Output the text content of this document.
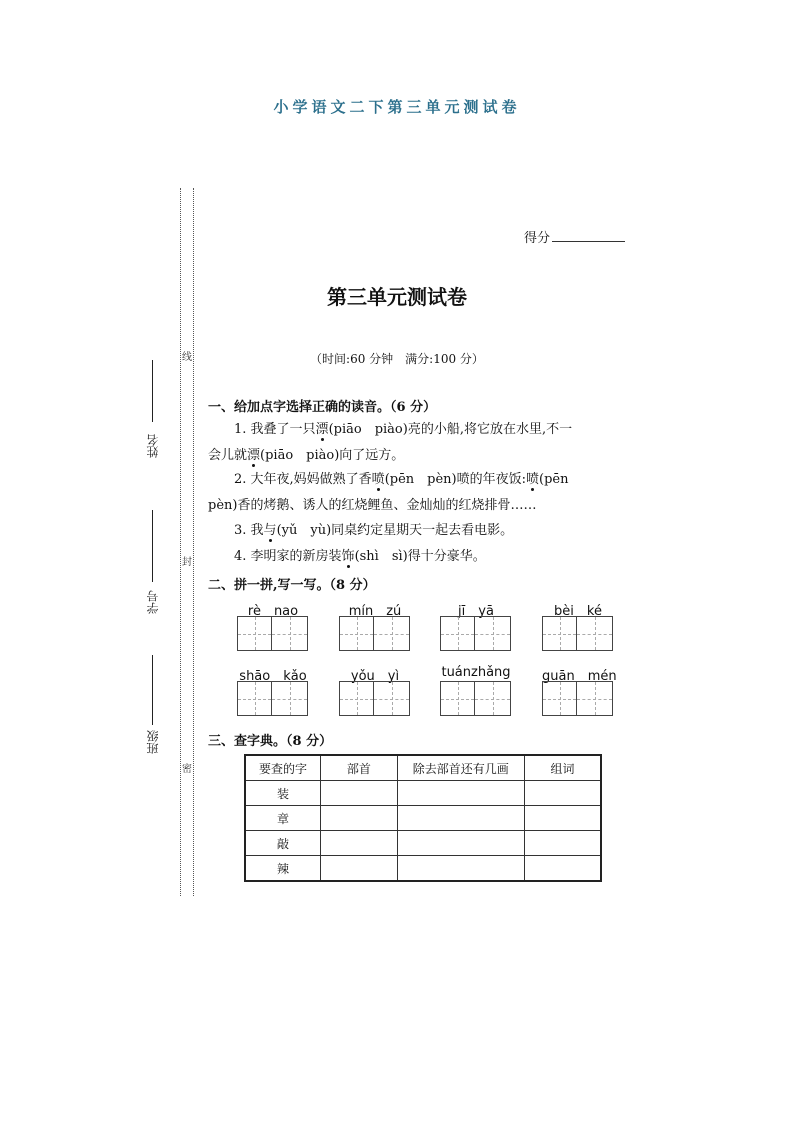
小学语文二下第三单元测试卷
线
封
密
姓名
学号
班级
得分
第三单元测试卷
（时间:60 分钟　满分:100 分）
一、给加点字选择正确的读音。（6 分）
1. 我叠了一只漂(piāo　piào)亮的小船,将它放在水里,不一
会儿就漂(piāo　piào)向了远方。
2. 大年夜,妈妈做熟了香喷(pēn　pèn)喷的年夜饭:喷(pēn
pèn)香的烤鹅、诱人的红烧鲤鱼、金灿灿的红烧排骨……
3. 我与(yǔ　yù)同桌约定星期天一起去看电影。
4. 李明家的新房装饰(shì　sì)得十分豪华。
二、拼一拼,写一写。（8 分）
rè　nao	mín　zú	jī　yā	bèi　ké
shāo　kǎo	yǒu　yì	tuánzhǎng guān　mén
三、查字典。（8 分）
要查的字	部首	除去部首还有几画	组词
装			
章			
敲			
辣			
